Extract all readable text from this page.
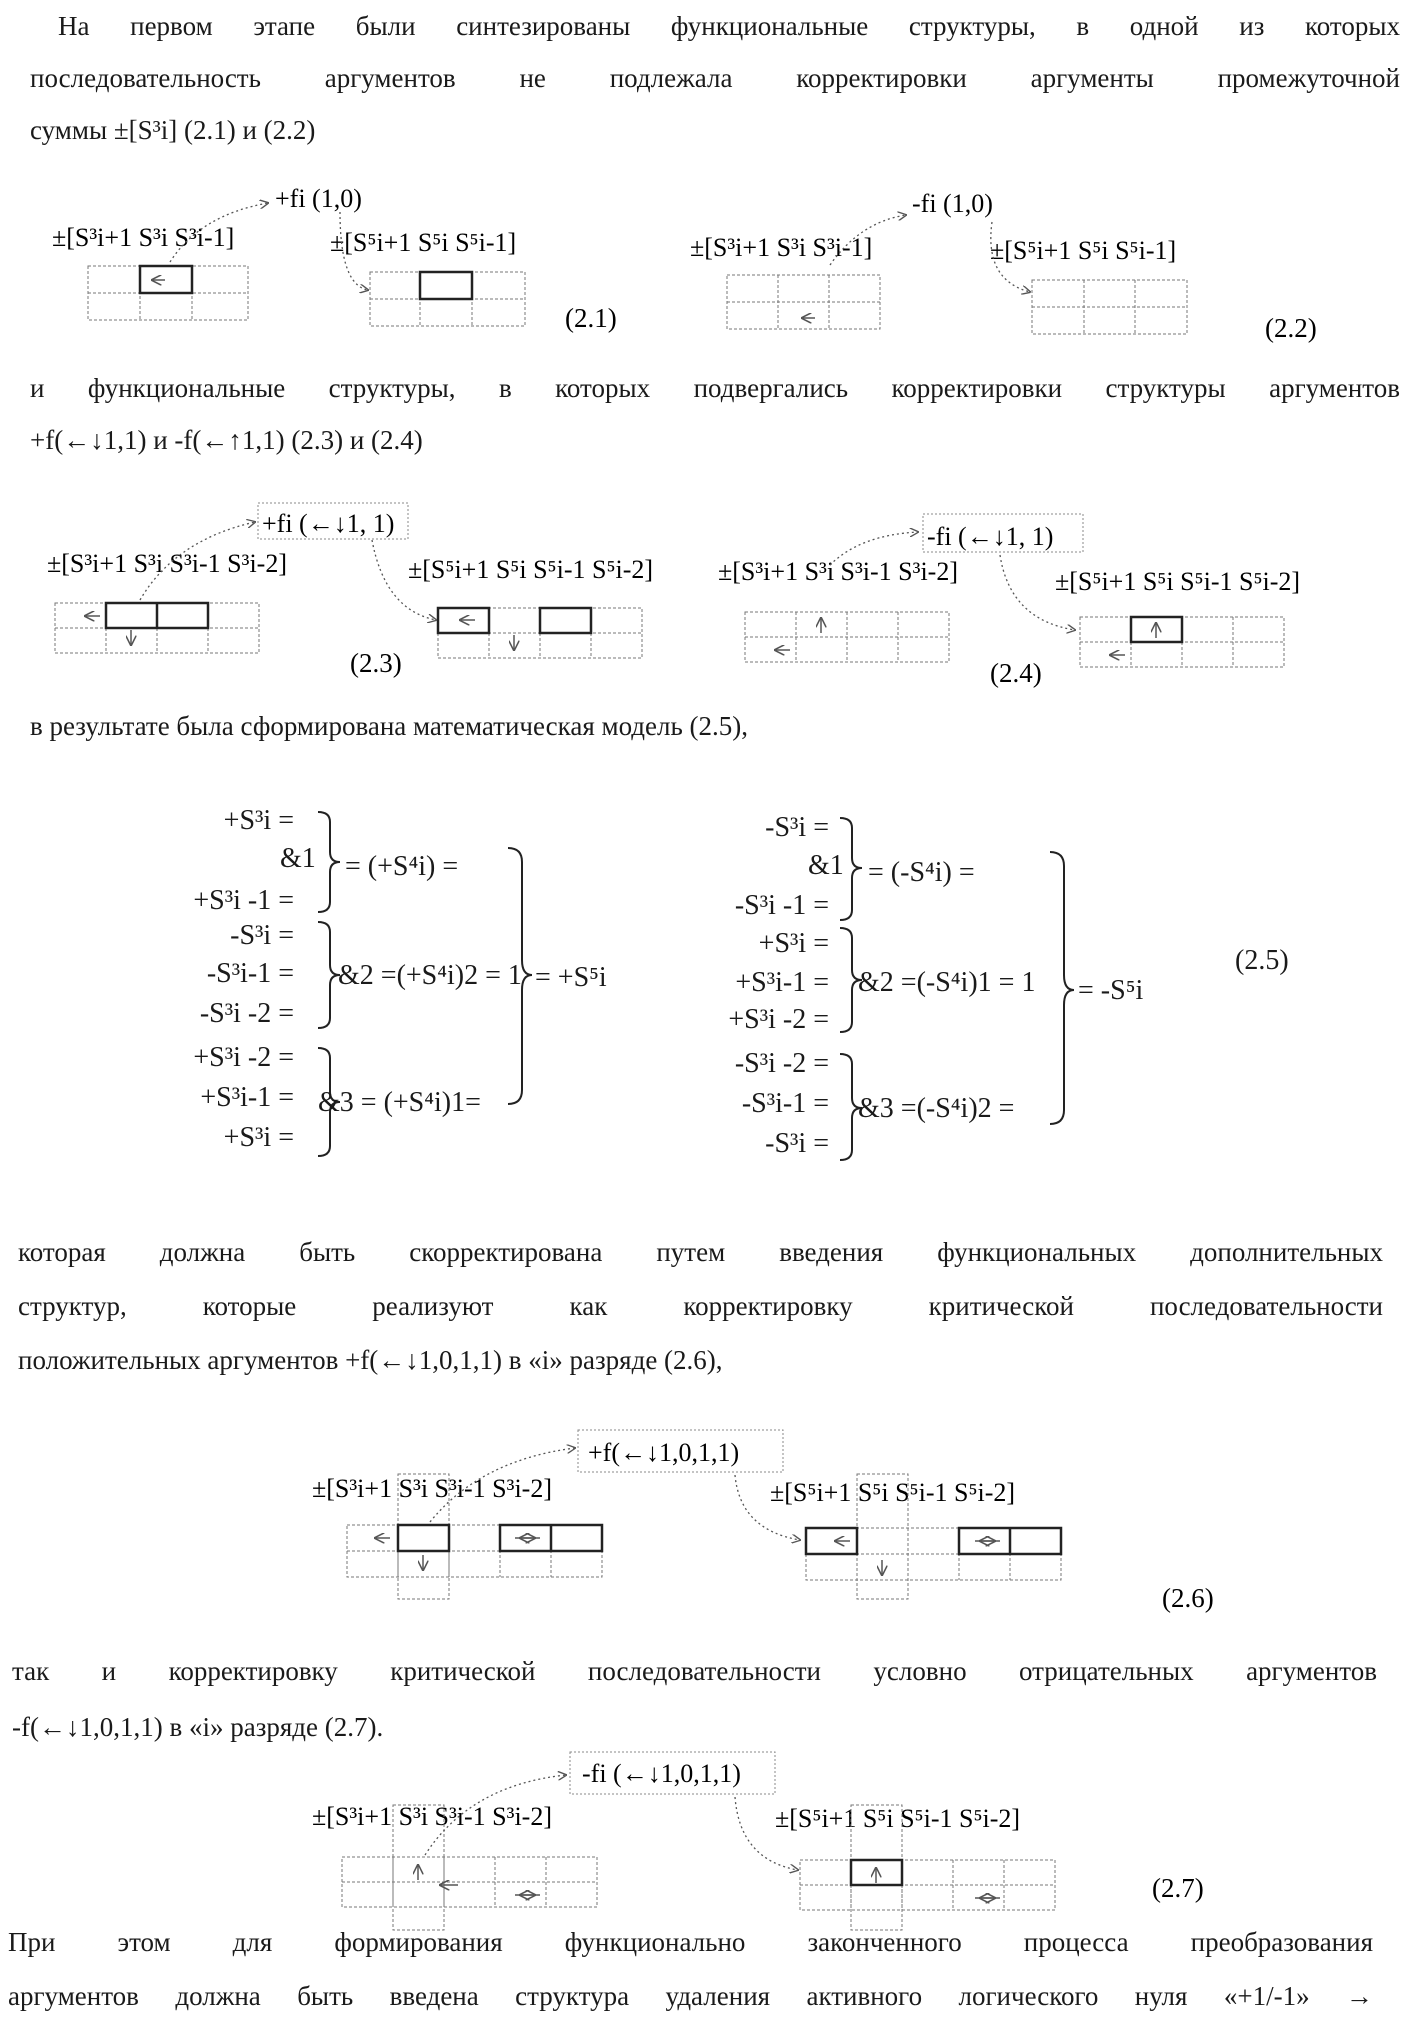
На первом этапе были синтезированы функциональные структуры, в одной из которых
последовательность аргументов не подлежала корректировки аргументы промежуточной
суммы ±[S³i] (2.1) и (2.2)
+fi (1,0)
±[S³i+1 S³i S³i-1]	±[S⁵i+1 S⁵i S⁵i-1]
(2.1)
-fi (1,0)
±[S³i+1 S³i S³i-1]	±[S⁵i+1 S⁵i S⁵i-1]
(2.2)
+fi (←↓1, 1)
±[S³i+1 S³i S³i-1 S³i-2]	±[S⁵i+1 S⁵i S⁵i-1 S⁵i-2]
(2.3)
-fi (←↓1, 1)
±[S³i+1 S³i S³i-1 S³i-2]	±[S⁵i+1 S⁵i S⁵i-1 S⁵i-2]
(2.4)
+f(←↓1,0,1,1)
±[S³i+1 S³i S³i-1 S³i-2]	±[S⁵i+1 S⁵i S⁵i-1 S⁵i-2]
(2.6)
-fi (←↓1,0,1,1)
±[S³i+1 S³i S³i-1 S³i-2]	±[S⁵i+1 S⁵i S⁵i-1 S⁵i-2]
(2.7)
и функциональные структуры, в которых подвергались корректировки структуры аргументов
+f(←↓1,1) и -f(←↑1,1) (2.3) и (2.4)
в результате была сформирована математическая модель (2.5),
+S³i =
&1 = (+S⁴i) =
+S³i -1 =
-S³i =
-S³i-1 = &2 =(+S⁴i)2 = 1
-S³i -2 =
= +S⁵i
+S³i -2 =
+S³i-1 = &3 = (+S⁴i)1=
+S³i =
-S³i =
&1 = (-S⁴i) =
-S³i -1 =
+S³i =
+S³i-1 = &2 =(-S⁴i)1 = 1
+S³i -2 =
= -S⁵i
(2.5)
-S³i -2 =
-S³i-1 = &3 =(-S⁴i)2 =
-S³i =
которая должна быть скорректирована путем введения функциональных дополнительных
структур, которые реализуют как корректировку критической последовательности
положительных аргументов +f(←↓1,0,1,1) в «i» разряде (2.6),
так и корректировку критической последовательности условно отрицательных аргументов
-f(←↓1,0,1,1) в «i» разряде (2.7).
При этом для формирования функционально законченного процесса преобразования
аргументов должна быть введена структура удаления активного логического нуля «+1/-1» →
